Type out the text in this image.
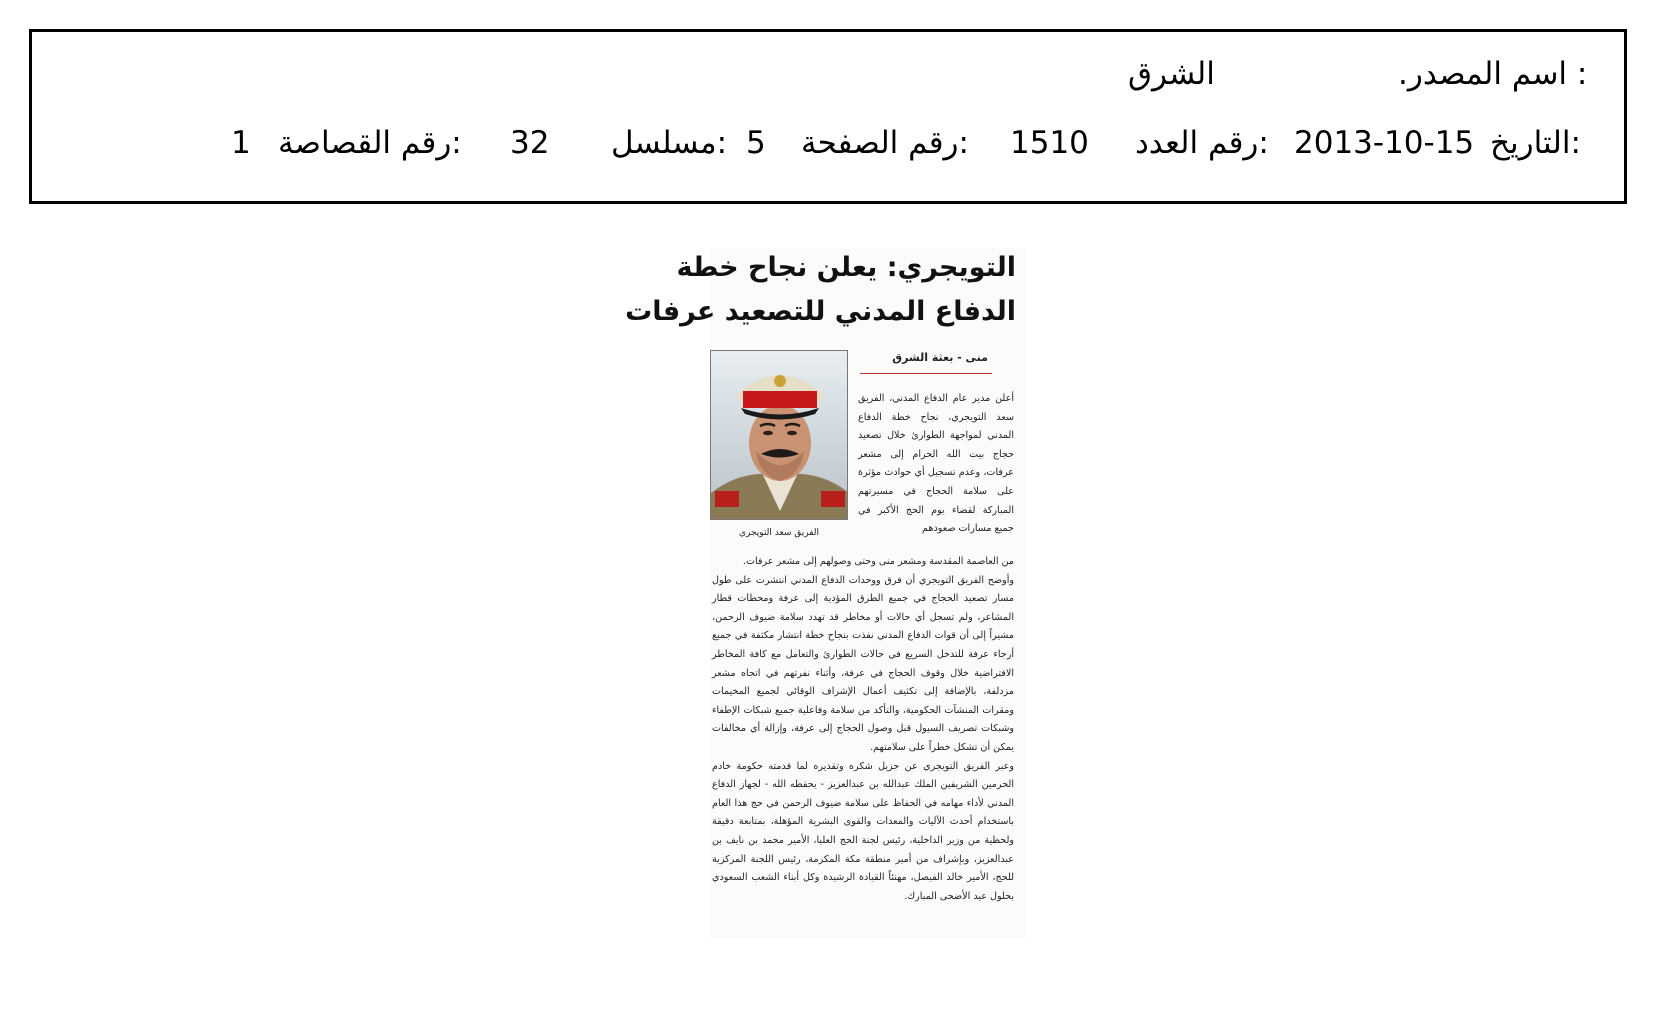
.اسم المصدر :
الشرق
التاريخ:
2013-10-15
رقم العدد:
1510
رقم الصفحة:
5
مسلسل:
32
رقم القصاصة:
1
التويجري: يعلن نجاح خطة
الدفاع المدني للتصعيد عرفات
منى - بعثة الشرق
الفريق سعد التويجري

أعلن مدير عام الدفاع المدني، الفريق سعد التويجري، نجاح خطة الدفاع المدني لمواجهة الطوارئ خلال تصعيد حجاج بيت الله الحرام إلى مشعر عرفات، وعدم تسجيل أي حوادث مؤثرة على سلامة الحجاج في مسيرتهم المباركة لقضاء يوم الحج الأكبر في جميع مسارات صعودهم

من العاصمة المقدسة ومشعر منى وحتى وصولهم إلى مشعر عرفات.

وأوضح الفريق التويجري أن فرق ووحدات الدفاع المدني انتشرت على طول مسار تصعيد الحجاج في جميع الطرق المؤدية إلى عرفة ومحطات قطار المشاعر، ولم تسجل أي حالات أو مخاطر قد تهدد سلامة ضيوف الرحمن، مشيراً إلى أن قوات الدفاع المدني نفذت بنجاح خطة انتشار مكثفة في جميع أرجاء عرفة للتدخل السريع في حالات الطوارئ والتعامل مع كافة المخاطر الافتراضية خلال وقوف الحجاج في عرفة، وأثناء نفرتهم في اتجاه مشعر مزدلفة، بالإضافة إلى تكثيف أعمال الإشراف الوقائي لجميع المخيمات ومقرات المنشآت الحكومية، والتأكد من سلامة وفاعلية جميع شبكات الإطفاء وشبكات تصريف السيول قبل وصول الحجاج إلى عرفة، وإزالة أي مخالفات يمكن أن تشكل خطراً على سلامتهم.

وعبر الفريق التويجري عن جزيل شكره وتقديره لما قدمته حكومة خادم الحرمين الشريفين الملك عبدالله بن عبدالعزيز - يحفظه الله - لجهاز الدفاع المدني لأداء مهامه في الحفاظ على سلامة ضيوف الرحمن في حج هذا العام باستخدام أحدث الآليات والمعدات والقوى البشرية المؤهلة، بمتابعة دقيقة ولحظية من وزير الداخلية، رئيس لجنة الحج العليا، الأمير محمد بن نايف بن عبدالعزيز، وبإشراف من أمير منطقة مكة المكرمة، رئيس اللجنة المركزية للحج، الأمير خالد الفيصل، مهنئاً القيادة الرشيدة وكل أبناء الشعب السعودي بحلول عيد الأضحى المبارك.
